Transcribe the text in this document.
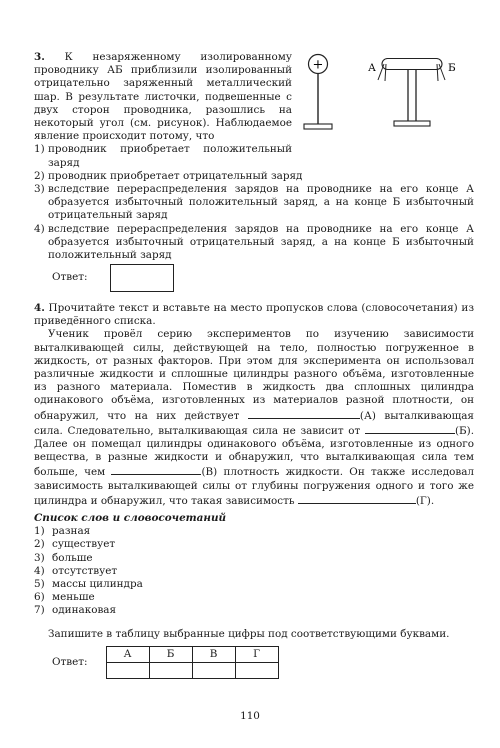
3. К незаряженному изолированному проводнику АБ приблизили изолированный отрицательно заряженный металлический шар. В результате листочки, подвешенные с двух сторон проводника, разошлись на некоторый угол (см. рисунок). Наблюдаемое явление происходит потому, что
1) проводник приобретает положительный заряд
2) проводник приобретает отрицательный заряд
3) вследствие перераспределения зарядов на проводнике на его конце А образуется избыточный положительный заряд, а на конце Б избыточный отрицательный заряд
4) вследствие перераспределения зарядов на проводнике на его конце А образуется избыточный отрицательный заряд, а на конце Б избыточный положительный заряд
+	А	Б
Ответ:

4. Прочитайте текст и вставьте на место пропусков слова (словосочетания) из приведённого списка.

Ученик провёл серию экспериментов по изучению зависимости выталкивающей силы, действующей на тело, полностью погруженное в жидкость, от разных факторов. При этом для эксперимента он использовал различные жидкости и сплошные цилиндры разного объёма, изготовленные из разного материала. Поместив в жидкость два сплошных цилиндра одинакового объёма, изготовленных из материалов разной плотности, он обнаружил, что на них действует	(А) выталкивающая сила. Следовательно, выталкивающая сила не зависит от	(Б). Далее он помещал цилиндры одинакового объёма, изготовленные из одного вещества, в разные жидкости и обнаружил, что выталкивающая сила тем больше, чем	(В) плотность жидкости. Он также исследовал зависимость выталкивающей силы от глубины погружения одного и того же цилиндра и обнаружил, что такая зависимость	(Г).

Список слов и словосочетаний
1) разная
2) существует
3) больше
4) отсутствует
5) массы цилиндра
6) меньше
7) одинаковая
Запишите в таблицу выбранные цифры под соответствующими буквами.
Ответ:
А	Б	В	Г

110
